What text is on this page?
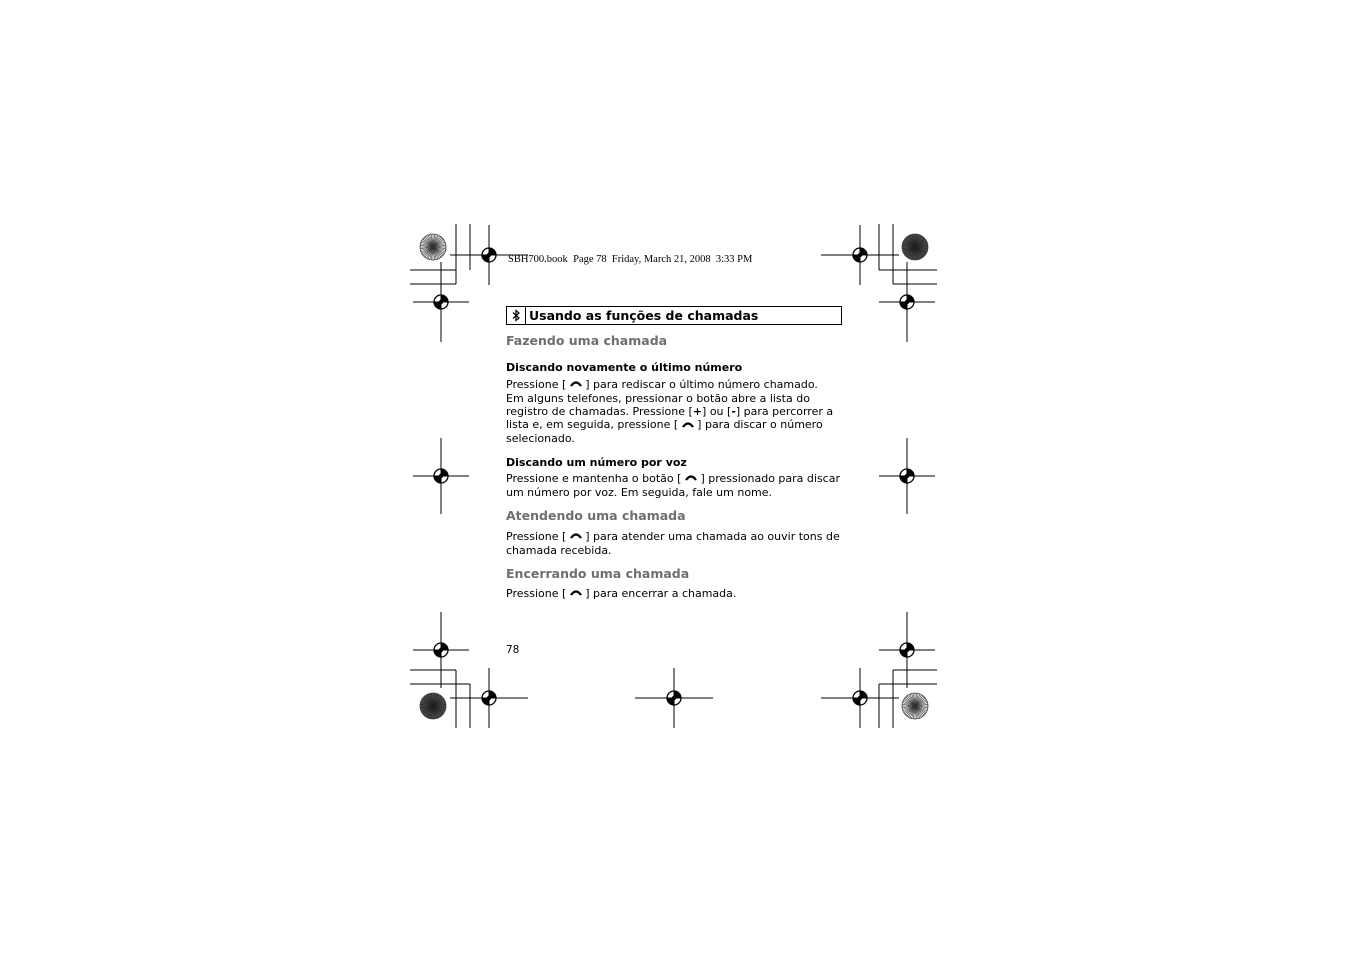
SBH700.book Page 78 Friday, March 21, 2008 3:33 PM
Usando as funções de chamadas
Fazendo uma chamada
Discando novamente o último número
Pressione [ ] para rediscar o último número chamado.
Em alguns telefones, pressionar o botão abre a lista do
registro de chamadas. Pressione [+] ou [-] para percorrer a
lista e, em seguida, pressione [ ] para discar o número
selecionado.
Discando um número por voz
Pressione e mantenha o botão [ ] pressionado para discar
um número por voz. Em seguida, fale um nome.
Atendendo uma chamada
Pressione [ ] para atender uma chamada ao ouvir tons de
chamada recebida.
Encerrando uma chamada
Pressione [ ] para encerrar a chamada.
78
